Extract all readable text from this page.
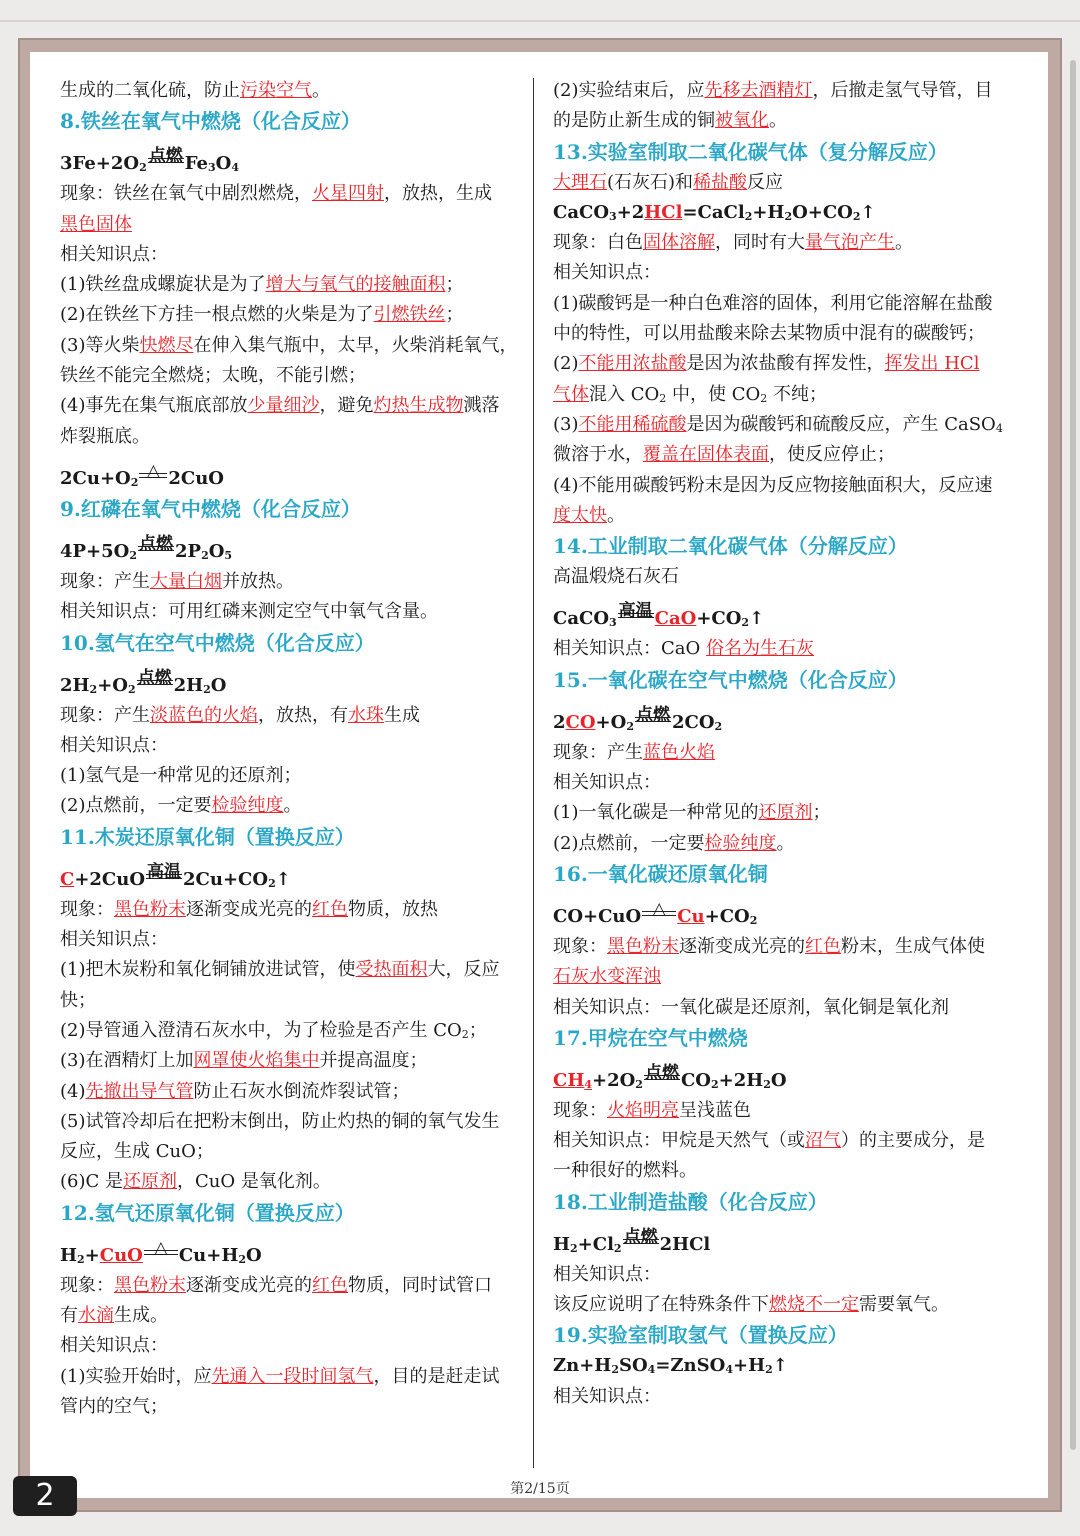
生成的二氧化硫，防止污染空气。
8.铁丝在氧气中燃烧（化合反应）
$3Fe+2O_2$
点燃 $Fe_3O_4$
现象：铁丝在氧气中剧烈燃烧，火星四射，放热，生成
黑色固体
相关知识点：
(1)铁丝盘成螺旋状是为了增大与氧气的接触面积；
(2)在铁丝下方挂一根点燃的火柴是为了引燃铁丝；
(3)等火柴快燃尽在伸入集气瓶中，太早，火柴消耗氧气，
铁丝不能完全燃烧；太晚，不能引燃；
(4)事先在集气瓶底部放少量细沙，避免灼热生成物溅落
炸裂瓶底。
$2Cu+O_2$
△ 2CuO
9.红磷在氧气中燃烧（化合反应）
$4P+5O_2$
点燃 $2P_2O_5$
现象：产生大量白烟并放热。
相关知识点：可用红磷来测定空气中氧气含量。
10.氢气在空气中燃烧（化合反应）
$2H_2+O_2$
点燃 $2H_2O$
现象：产生淡蓝色的火焰，放热，有水珠生成
相关知识点：
(1)氢气是一种常见的还原剂；
(2)点燃前，一定要检验纯度。
11.木炭还原氧化铜（置换反应）
C+2CuO 高温 $2Cu+CO_2↑$
现象：黑色粉末逐渐变成光亮的红色物质，放热
相关知识点：
(1)把木炭粉和氧化铜铺放进试管，使受热面积大，反应
快；
(2)导管通入澄清石灰水中，为了检验是否产生 $CO_2$；
(3)在酒精灯上加网罩使火焰集中并提高温度；
(4)先撤出导气管防止石灰水倒流炸裂试管；
(5)试管冷却后在把粉末倒出，防止灼热的铜的氧气发生
反应，生成 CuO；
(6)C 是还原剂，CuO 是氧化剂。
12.氢气还原氧化铜（置换反应）
$H_2+CuO$ △ $Cu+H_2O$
现象：黑色粉末逐渐变成光亮的红色物质，同时试管口
有水滴生成。
相关知识点：
(1)实验开始时，应先通入一段时间氢气，目的是赶走试
管内的空气；
(2)实验结束后，应先移去酒精灯，后撤走氢气导管，目
的是防止新生成的铜被氧化。
13.实验室制取二氧化碳气体（复分解反应）
大理石(石灰石)和稀盐酸反应
$CaCO_3+2HCl=CaCl_2+H_2O+CO_2↑$
现象：白色固体溶解，同时有大量气泡产生。
相关知识点：
(1)碳酸钙是一种白色难溶的固体，利用它能溶解在盐酸
中的特性，可以用盐酸来除去某物质中混有的碳酸钙；
(2)不能用浓盐酸是因为浓盐酸有挥发性，挥发出 HCl
气体混入 $CO_2$ 中，使 $CO_2$ 不纯；
(3)不能用稀硫酸是因为碳酸钙和硫酸反应，产生 CaSO$_4$
微溶于水，覆盖在固体表面，使反应停止；
(4)不能用碳酸钙粉末是因为反应物接触面积大，反应速
度太快。
14.工业制取二氧化碳气体（分解反应）
高温煅烧石灰石
CaCO$_3$
高温 $CaO+CO_2↑$
相关知识点：CaO 俗名为生石灰
15.一氧化碳在空气中燃烧（化合反应）
$2CO+O_2$
点燃 $2CO_2$
现象：产生蓝色火焰
相关知识点：
(1)一氧化碳是一种常见的还原剂；
(2)点燃前，一定要检验纯度。
16.一氧化碳还原氧化铜
CO+CuO △ $Cu+CO_2$
现象：黑色粉末逐渐变成光亮的红色粉末，生成气体使
石灰水变浑浊
相关知识点：一氧化碳是还原剂，氧化铜是氧化剂
17.甲烷在空气中燃烧
$CH_4+2O_2$
点燃 $CO_2+2H_2O$
现象：火焰明亮呈浅蓝色
相关知识点：甲烷是天然气（或沼气）的主要成分，是
一种很好的燃料。
18.工业制造盐酸（化合反应）
$H_2+Cl_2$
点燃 2HCl
相关知识点：
该反应说明了在特殊条件下燃烧不一定需要氧气。
19.实验室制取氢气（置换反应）
$Zn+H_2SO_4=ZnSO_4+H_2↑$
相关知识点：
第2/15页
2
